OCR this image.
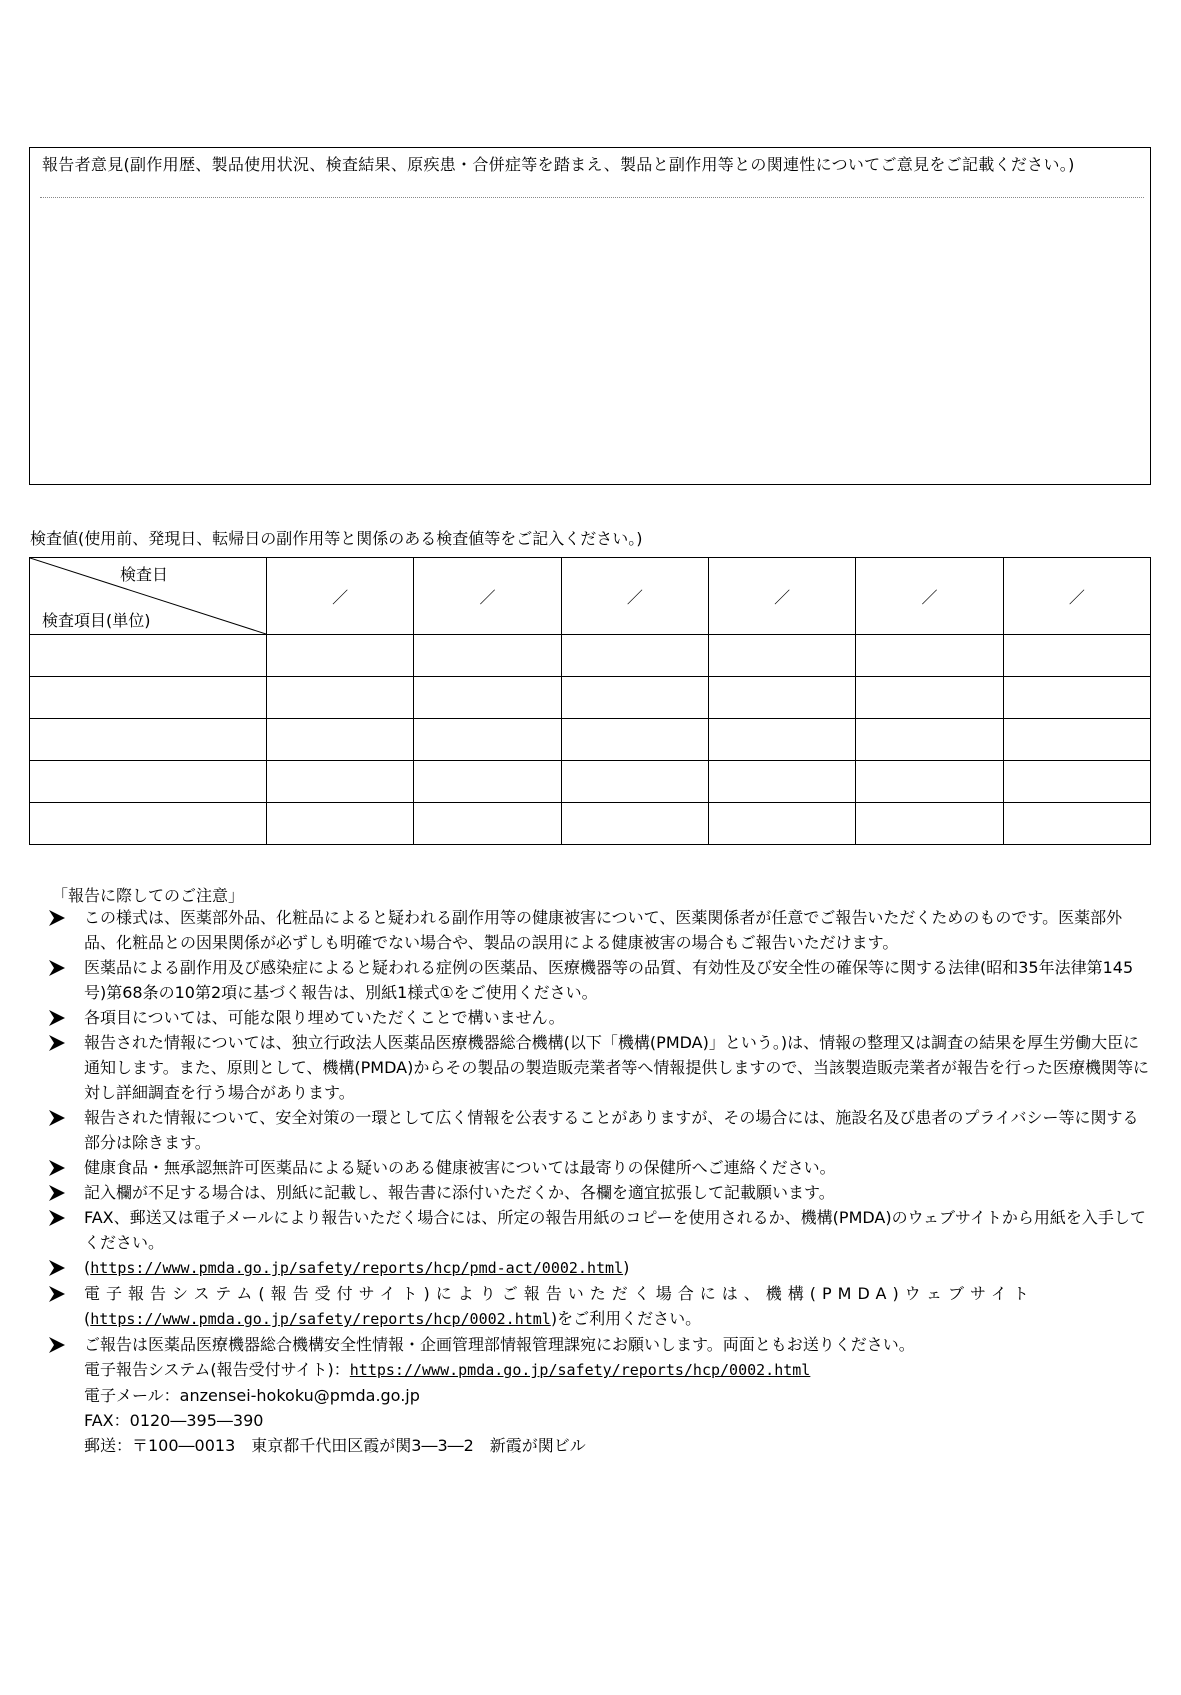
報告者意見(副作用歴、製品使用状況、検査結果、原疾患・合併症等を踏まえ、製品と副作用等との関連性についてご意見をご記載ください。)
検査値(使用前、発現日、転帰日の副作用等と関係のある検査値等をご記入ください。)
検査日
検査項目(単位)	／	／	／	／	／	／

「報告に際してのご注意」
この様式は、医薬部外品、化粧品によると疑われる副作用等の健康被害について、医薬関係者が任意でご報告いただくためのものです。医薬部外品、化粧品との因果関係が必ずしも明確でない場合や、製品の誤用による健康被害の場合もご報告いただけます。
医薬品による副作用及び感染症によると疑われる症例の医薬品、医療機器等の品質、有効性及び安全性の確保等に関する法律(昭和35年法律第145号)第68条の10第2項に基づく報告は、別紙1様式①をご使用ください。
各項目については、可能な限り埋めていただくことで構いません。
報告された情報については、独立行政法人医薬品医療機器総合機構(以下「機構(PMDA)」という。)は、情報の整理又は調査の結果を厚生労働大臣に通知します。また、原則として、機構(PMDA)からその製品の製造販売業者等へ情報提供しますので、当該製造販売業者が報告を行った医療機関等に対し詳細調査を行う場合があります。
報告された情報について、安全対策の一環として広く情報を公表することがありますが、その場合には、施設名及び患者のプライバシー等に関する部分は除きます。
健康食品・無承認無許可医薬品による疑いのある健康被害については最寄りの保健所へご連絡ください。
記入欄が不足する場合は、別紙に記載し、報告書に添付いただくか、各欄を適宜拡張して記載願います。
FAX、郵送又は電子メールにより報告いただく場合には、所定の報告用紙のコピーを使用されるか、機構(PMDA)のウェブサイトから用紙を入手してください。
(https://www.pmda.go.jp/safety/reports/hcp/pmd-act/0002.html)
電子報告システム(報告受付サイト)によりご報告いただく場合には、機構(PMDA)ウェブサイト
(https://www.pmda.go.jp/safety/reports/hcp/0002.html)をご利用ください。
ご報告は医薬品医療機器総合機構安全性情報・企画管理部情報管理課宛にお願いします。両面ともお送りください。
電子報告システム(報告受付サイト)：https://www.pmda.go.jp/safety/reports/hcp/0002.html
電子メール：anzensei-hokoku@pmda.go.jp
FAX：0120―395―390
郵送：〒100―0013　東京都千代田区霞が関3―3―2　新霞が関ビル
